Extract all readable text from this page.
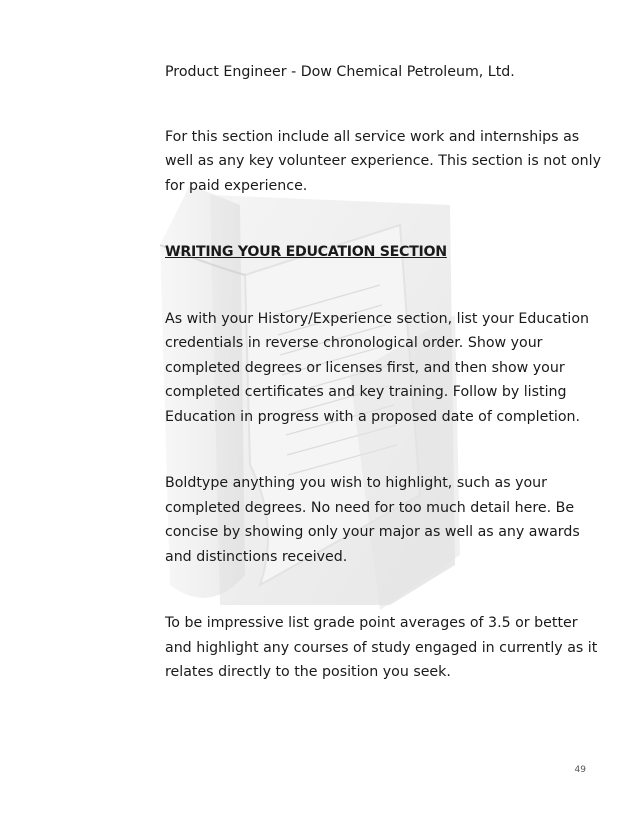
Product Engineer - Dow Chemical Petroleum, Ltd.

For this section include all service work and internships as well as any key volunteer experience. This section is not only for paid experience.

WRITING YOUR EDUCATION SECTION

As with your History/Experience section, list your Education credentials in reverse chronological order. Show your completed degrees or licenses first, and then show your completed certificates and key training. Follow by listing Education in progress with a proposed date of completion.

Boldtype anything you wish to highlight, such as your completed degrees. No need for too much detail here. Be concise by showing only your major as well as any awards and distinctions received.

To be impressive list grade point averages of 3.5 or better and highlight any courses of study engaged in currently as it relates directly to the position you seek.

49
